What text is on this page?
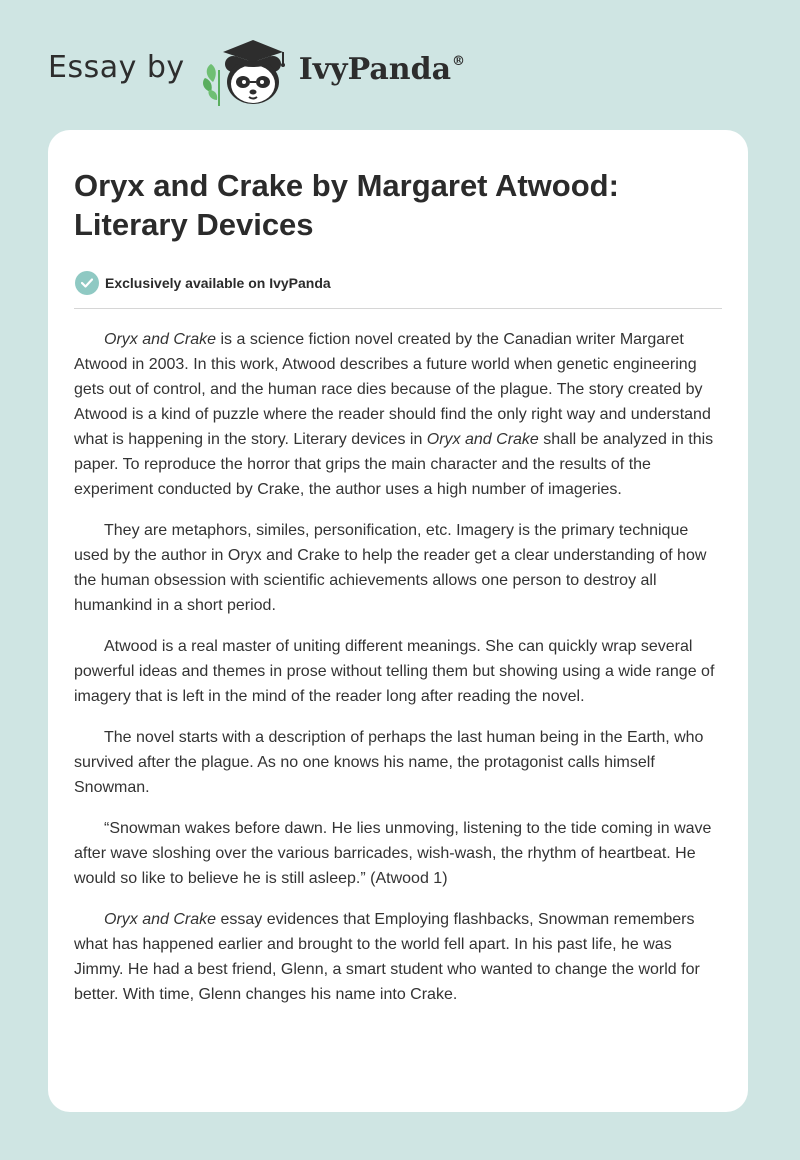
Essay by	IvyPanda®
Oryx and Crake by Margaret Atwood: Literary Devices
Exclusively available on IvyPanda

Oryx and Crake is a science fiction novel created by the Canadian writer Margaret Atwood in 2003. In this work, Atwood describes a future world when genetic engineering gets out of control, and the human race dies because of the plague. The story created by Atwood is a kind of puzzle where the reader should find the only right way and understand what is happening in the story. Literary devices in Oryx and Crake shall be analyzed in this paper. To reproduce the horror that grips the main character and the results of the experiment conducted by Crake, the author uses a high number of imageries.

They are metaphors, similes, personification, etc. Imagery is the primary technique used by the author in Oryx and Crake to help the reader get a clear understanding of how the human obsession with scientific achievements allows one person to destroy all humankind in a short period.

Atwood is a real master of uniting different meanings. She can quickly wrap several powerful ideas and themes in prose without telling them but showing using a wide range of imagery that is left in the mind of the reader long after reading the novel.

The novel starts with a description of perhaps the last human being in the Earth, who survived after the plague. As no one knows his name, the protagonist calls himself Snowman.

“Snowman wakes before dawn. He lies unmoving, listening to the tide coming in wave after wave sloshing over the various barricades, wish-wash, the rhythm of heartbeat. He would so like to believe he is still asleep.” (Atwood 1)

Oryx and Crake essay evidences that Employing flashbacks, Snowman remembers what has happened earlier and brought to the world fell apart. In his past life, he was Jimmy. He had a best friend, Glenn, a smart student who wanted to change the world for better. With time, Glenn changes his name into Crake.
